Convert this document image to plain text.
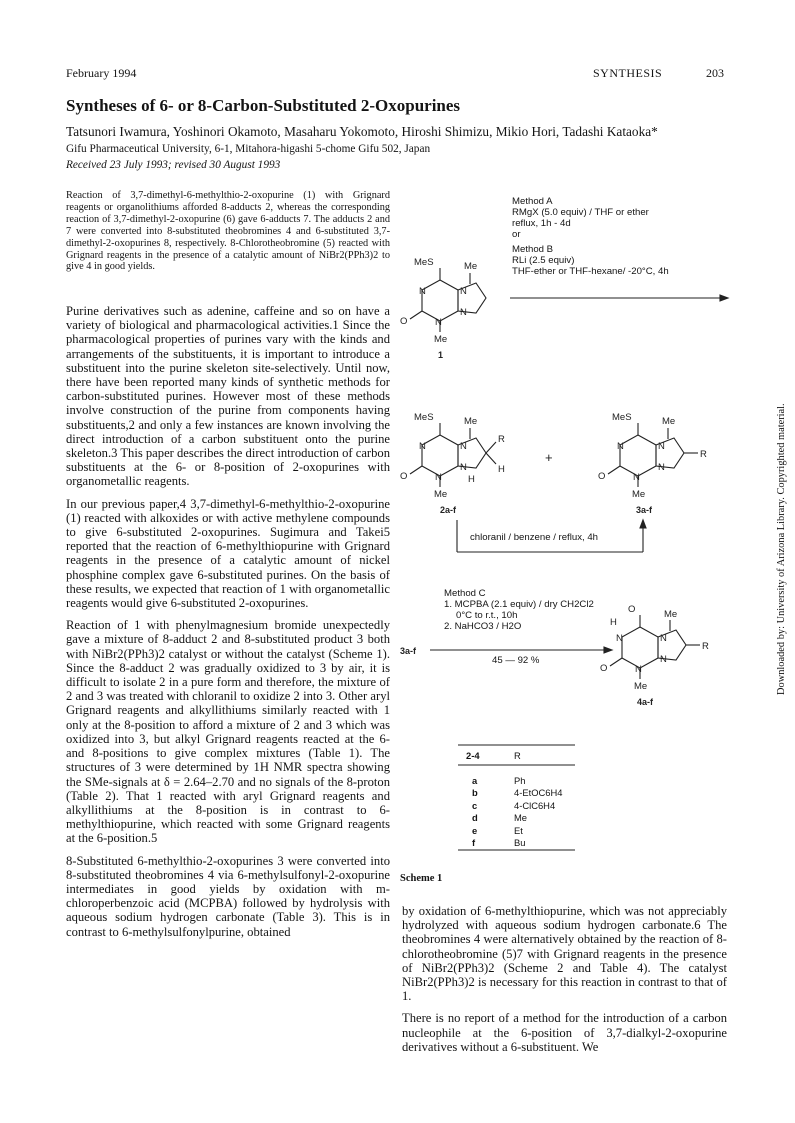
February 1994	SYNTHESIS	203
Syntheses of 6- or 8-Carbon-Substituted 2-Oxopurines
Tatsunori Iwamura, Yoshinori Okamoto, Masaharu Yokomoto, Hiroshi Shimizu, Mikio Hori, Tadashi Kataoka*
Gifu Pharmaceutical University, 6-1, Mitahora-higashi 5-chome Gifu 502, Japan
Received 23 July 1993; revised 30 August 1993
Reaction of 3,7-dimethyl-6-methylthio-2-oxopurine (1) with Grignard reagents or organolithiums afforded 8-adducts 2, whereas the corresponding reaction of 3,7-dimethyl-2-oxopurine (6) gave 6-adducts 7. The adducts 2 and 7 were converted into 8-substituted theobromines 4 and 6-substituted 3,7-dimethyl-2-oxopurines 8, respectively. 8-Chlorotheobromine (5) reacted with Grignard reagents in the presence of a catalytic amount of NiBr2(PPh3)2 to give 4 in good yields.

Purine derivatives such as adenine, caffeine and so on have a variety of biological and pharmacological activities.1 Since the pharmacological properties of purines vary with the kinds and arrangements of the substituents, it is important to introduce a substituent into the purine skeleton site-selectively. Until now, there have been reported many kinds of synthetic methods for carbon-substituted purines. However most of these methods involve construction of the purine from components having substituents,2 and only a few instances are known involving the direct introduction of a carbon substituent onto the purine skeleton.3 This paper describes the direct introduction of carbon substituents at the 6- or 8-position of 2-oxopurines with organometallic reagents.

In our previous paper,4 3,7-dimethyl-6-methylthio-2-oxopurine (1) reacted with alkoxides or with active methylene compounds to give 6-substituted 2-oxopurines. Sugimura and Takei5 reported that the reaction of 6-methylthiopurine with Grignard reagents in the presence of a catalytic amount of nickel phosphine complex gave 6-substituted purines. On the basis of these results, we expected that reaction of 1 with organometallic reagents would give 6-substituted 2-oxopurines.

Reaction of 1 with phenylmagnesium bromide unexpectedly gave a mixture of 8-adduct 2 and 8-substituted product 3 both with NiBr2(PPh3)2 catalyst or without the catalyst (Scheme 1). Since the 8-adduct 2 was gradually oxidized to 3 by air, it is difficult to isolate 2 in a pure form and therefore, the mixture of 2 and 3 was treated with chloranil to oxidize 2 into 3. Other aryl Grignard reagents and alkyllithiums similarly reacted with 1 only at the 8-position to afford a mixture of 2 and 3 which was oxidized into 3, but alkyl Grignard reagents reacted at the 6- and 8-positions to give complex mixtures (Table 1). The structures of 3 were determined by 1H NMR spectra showing the SMe-signals at δ = 2.64–2.70 and no signals of the 8-proton (Table 2). That 1 reacted with aryl Grignard reagents and alkyllithiums at the 8-position is in contrast to 6-methylthiopurine, which reacted with some Grignard reagents at the 6-position.5

8-Substituted 6-methylthio-2-oxopurines 3 were converted into 8-substituted theobromines 4 via 6-methylsulfonyl-2-oxopurine intermediates in good yields by oxidation with m-chloroperbenzoic acid (MCPBA) followed by hydrolysis with aqueous sodium hydrogen carbonate (Table 3). This is in contrast to 6-methylsulfonylpurine, obtained

by oxidation of 6-methylthiopurine, which was not appreciably hydrolyzed with aqueous sodium hydrogen carbonate.6 The theobromines 4 were alternatively obtained by the reaction of 8-chlorotheobromine (5)7 with Grignard reagents in the presence of NiBr2(PPh3)2 (Scheme 2 and Table 4). The catalyst NiBr2(PPh3)2 is necessary for this reaction in contrast to that of 1.

There is no report of a method for the introduction of a carbon nucleophile at the 6-position of 3,7-dialkyl-2-oxopurine derivatives without a 6-substituent. We

MeS	Me
N	N
N
N
O
Me
MeS	Me
N	N
N
N
O
Me
R
H
H
MeS	Me
N	N
N
N
O
Me
R
O	Me
H
N	N
N
N
O
Me
R
1
2a-f	3a-f
3a-f
4a-f
+
Method A
RMgX (5.0 equiv) / THF or ether
reflux, 1h - 4d
or
Method B
RLi (2.5 equiv)
THF-ether or THF-hexane/ -20°C, 4h
chloranil / benzene / reflux, 4h
Method C
1. MCPBA (2.1 equiv) / dry CH2Cl2
0°C to r.t., 10h
2. NaHCO3 / H2O
45 — 92 %
2-4	R

a	Ph
b	4-EtOC6H4
c	4-ClC6H4
d	Me
e	Et
f	Bu
Scheme 1
Downloaded by: University of Arizona Library. Copyrighted material.
